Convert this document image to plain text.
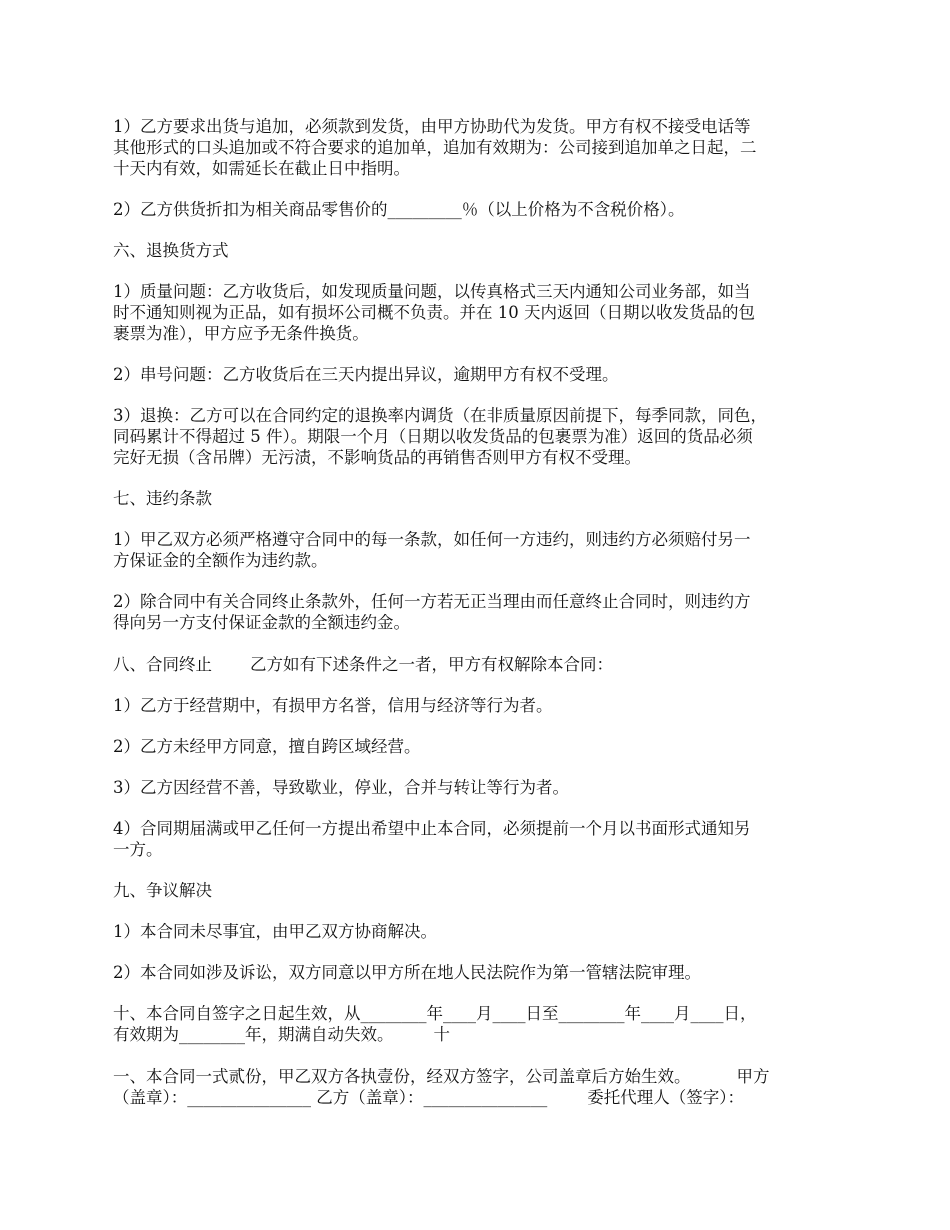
1）乙方要求出货与追加，必须款到发货，由甲方协助代为发货。甲方有权不接受电话等
其他形式的口头追加或不符合要求的追加单，追加有效期为：公司接到追加单之日起，二
十天内有效，如需延长在截止日中指明。

2）乙方供货折扣为相关商品零售价的_________％（以上价格为不含税价格）。

六、退换货方式

1）质量问题：乙方收货后，如发现质量问题，以传真格式三天内通知公司业务部，如当
时不通知则视为正品，如有损坏公司概不负责。并在 10 天内返回（日期以收发货品的包
裹票为准），甲方应予无条件换货。

2）串号问题：乙方收货后在三天内提出异议，逾期甲方有权不受理。

3）退换：乙方可以在合同约定的退换率内调货（在非质量原因前提下，每季同款，同色，
同码累计不得超过 5 件）。期限一个月（日期以收发货品的包裹票为准）返回的货品必须
完好无损（含吊牌）无污渍，不影响货品的再销售否则甲方有权不受理。

七、违约条款

1）甲乙双方必须严格遵守合同中的每一条款，如任何一方违约，则违约方必须赔付另一
方保证金的全额作为违约款。

2）除合同中有关合同终止条款外，任何一方若无正当理由而任意终止合同时，则违约方
得向另一方支付保证金款的全额违约金。

八、合同终止 乙方如有下述条件之一者，甲方有权解除本合同：

1）乙方于经营期中，有损甲方名誉，信用与经济等行为者。

2）乙方未经甲方同意，擅自跨区域经营。

3）乙方因经营不善，导致歇业，停业，合并与转让等行为者。

4）合同期届满或甲乙任何一方提出希望中止本合同，必须提前一个月以书面形式通知另
一方。

九、争议解决

1）本合同未尽事宜，由甲乙双方协商解决。

2）本合同如涉及诉讼，双方同意以甲方所在地人民法院作为第一管辖法院审理。

十、本合同自签字之日起生效，从________年____月____日至________年____月____日，
有效期为________年，期满自动失效。 十

一、本合同一式贰份，甲乙双方各执壹份，经双方签字，公司盖章后方始生效。	甲方
（盖章）：_______________ 乙方（盖章）：_______________ 委托代理人（签字）：
